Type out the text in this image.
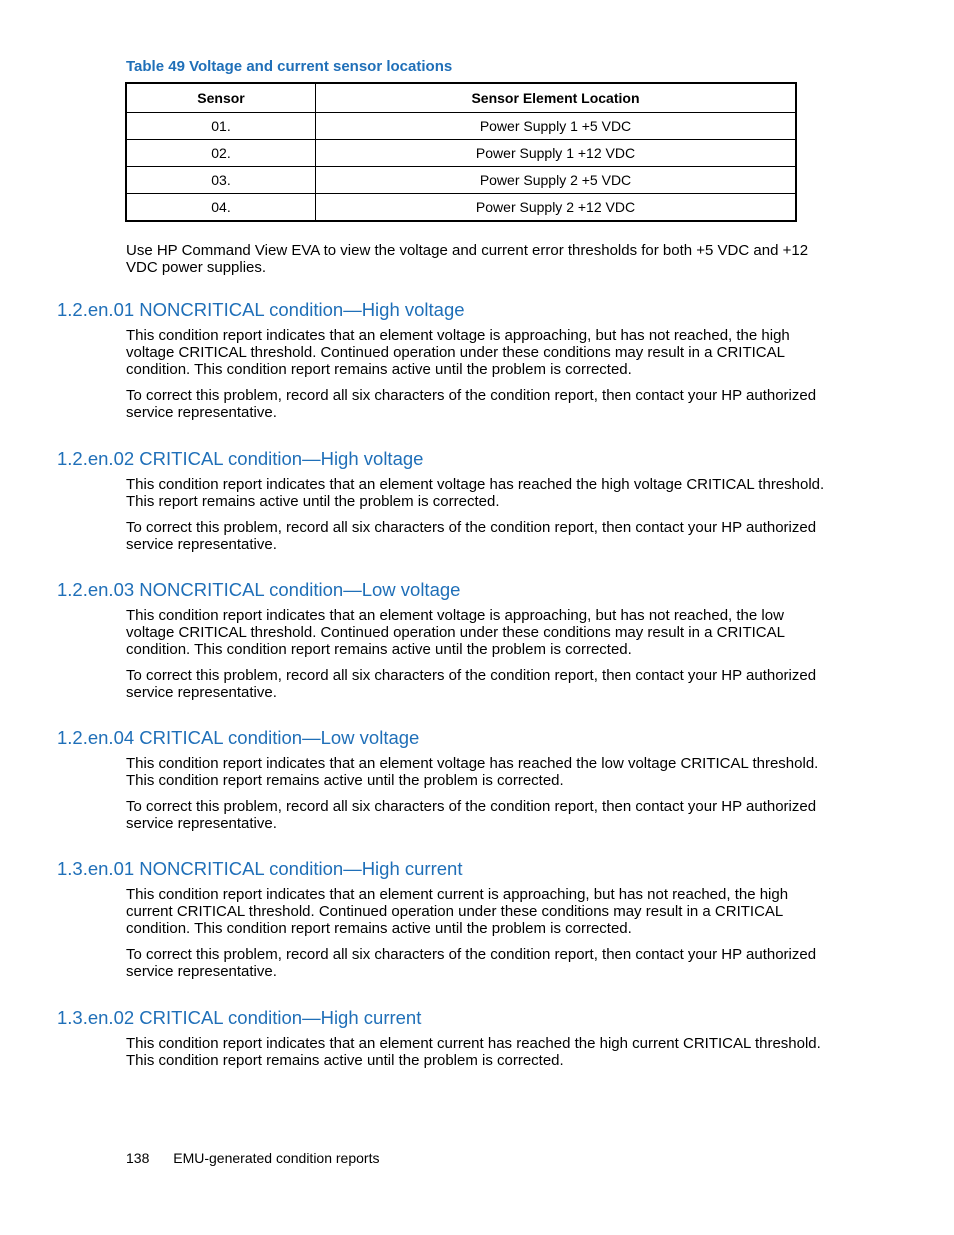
Table 49 Voltage and current sensor locations
Sensor	Sensor Element Location
01.	Power Supply 1 +5 VDC
02.	Power Supply 1 +12 VDC
03.	Power Supply 2 +5 VDC
04.	Power Supply 2 +12 VDC

Use HP Command View EVA to view the voltage and current error thresholds for both +5 VDC and +12 VDC power supplies.

1.2.en.01 NONCRITICAL condition—High voltage

This condition report indicates that an element voltage is approaching, but has not reached, the high voltage CRITICAL threshold. Continued operation under these conditions may result in a CRITICAL condition. This condition report remains active until the problem is corrected.

To correct this problem, record all six characters of the condition report, then contact your HP authorized service representative.

1.2.en.02 CRITICAL condition—High voltage

This condition report indicates that an element voltage has reached the high voltage CRITICAL threshold. This report remains active until the problem is corrected.

To correct this problem, record all six characters of the condition report, then contact your HP authorized service representative.

1.2.en.03 NONCRITICAL condition—Low voltage

This condition report indicates that an element voltage is approaching, but has not reached, the low voltage CRITICAL threshold. Continued operation under these conditions may result in a CRITICAL condition. This condition report remains active until the problem is corrected.

To correct this problem, record all six characters of the condition report, then contact your HP authorized service representative.

1.2.en.04 CRITICAL condition—Low voltage

This condition report indicates that an element voltage has reached the low voltage CRITICAL threshold. This condition report remains active until the problem is corrected.

To correct this problem, record all six characters of the condition report, then contact your HP authorized service representative.

1.3.en.01 NONCRITICAL condition—High current

This condition report indicates that an element current is approaching, but has not reached, the high current CRITICAL threshold. Continued operation under these conditions may result in a CRITICAL condition. This condition report remains active until the problem is corrected.

To correct this problem, record all six characters of the condition report, then contact your HP authorized service representative.

1.3.en.02 CRITICAL condition—High current

This condition report indicates that an element current has reached the high current CRITICAL threshold. This condition report remains active until the problem is corrected.

138 EMU-generated condition reports
